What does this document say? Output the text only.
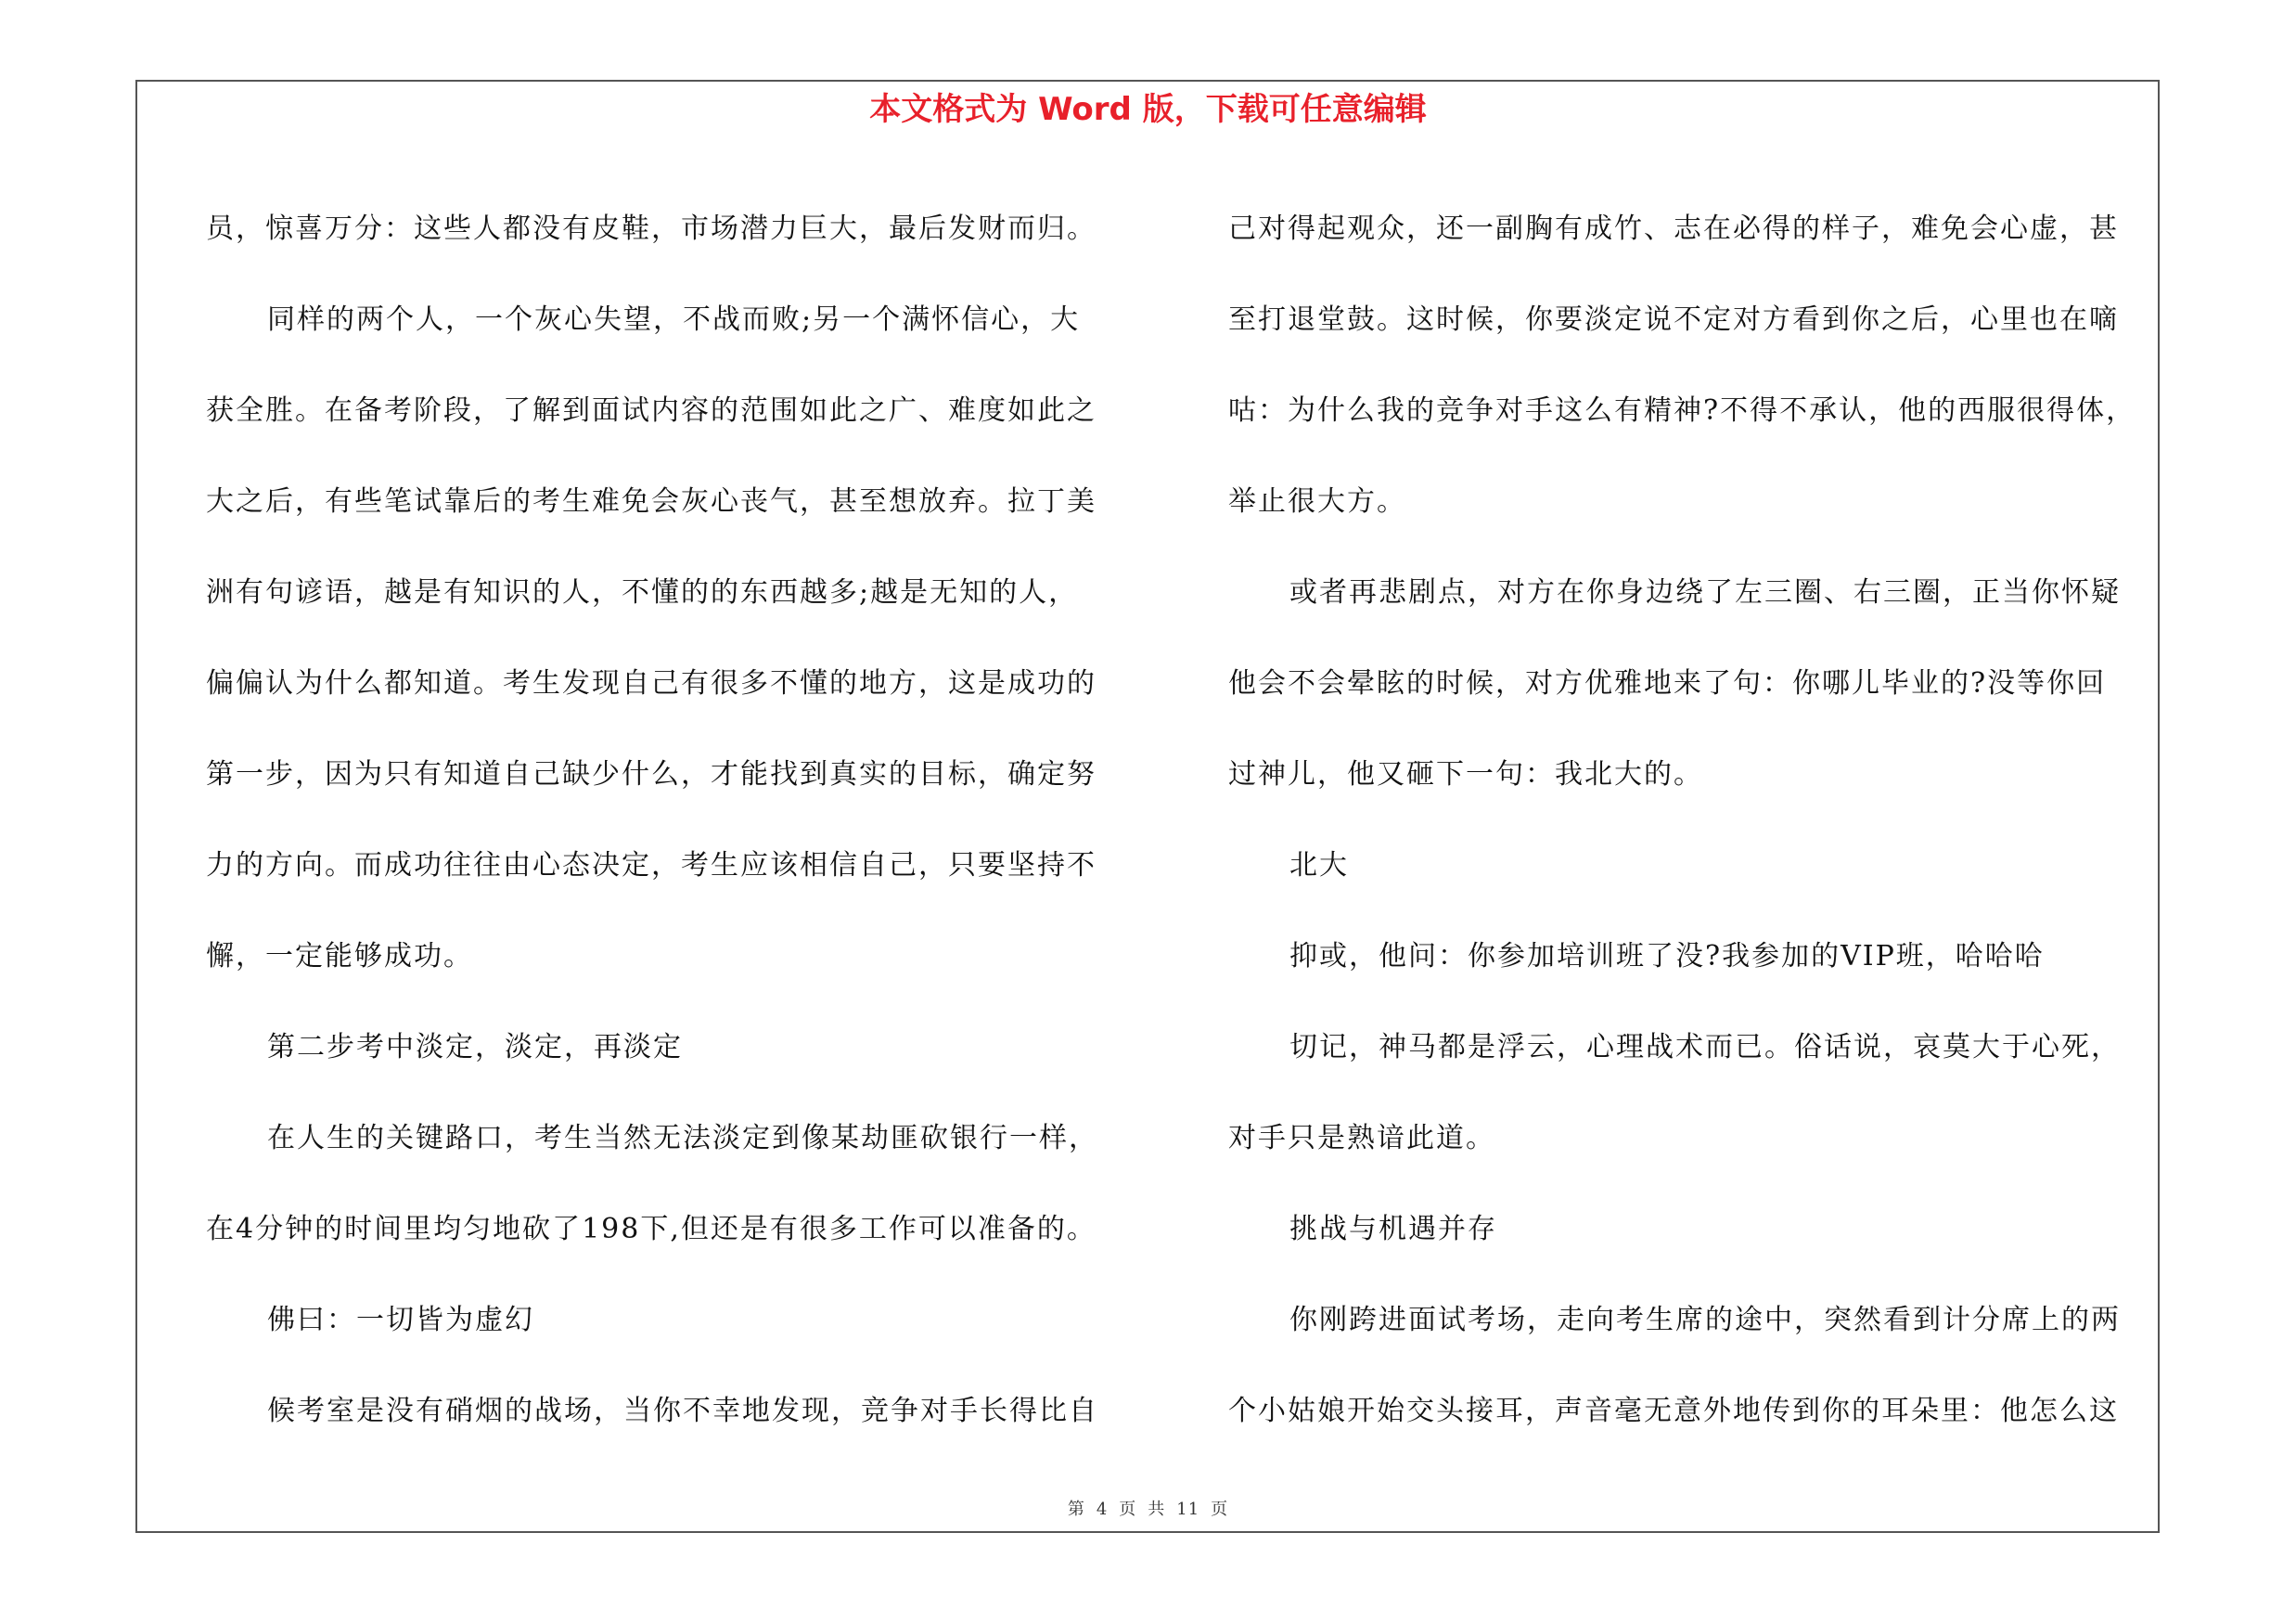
本文格式为 Word 版，下载可任意编辑
员，惊喜万分：这些人都没有皮鞋，市场潜力巨大，最后发财而归。
同样的两个人，一个灰心失望，不战而败;另一个满怀信心，大
获全胜。在备考阶段，了解到面试内容的范围如此之广、难度如此之
大之后，有些笔试靠后的考生难免会灰心丧气，甚至想放弃。拉丁美
洲有句谚语，越是有知识的人，不懂的的东西越多;越是无知的人，
偏偏认为什么都知道。考生发现自己有很多不懂的地方，这是成功的
第一步，因为只有知道自己缺少什么，才能找到真实的目标，确定努
力的方向。而成功往往由心态决定，考生应该相信自己，只要坚持不
懈，一定能够成功。
第二步考中淡定，淡定，再淡定
在人生的关键路口，考生当然无法淡定到像某劫匪砍银行一样，
在4分钟的时间里均匀地砍了198下,但还是有很多工作可以准备的。
佛曰：一切皆为虚幻
候考室是没有硝烟的战场，当你不幸地发现，竞争对手长得比自
己对得起观众，还一副胸有成竹、志在必得的样子，难免会心虚，甚
至打退堂鼓。这时候，你要淡定说不定对方看到你之后，心里也在嘀
咕：为什么我的竞争对手这么有精神?不得不承认，他的西服很得体，
举止很大方。
或者再悲剧点，对方在你身边绕了左三圈、右三圈，正当你怀疑
他会不会晕眩的时候，对方优雅地来了句：你哪儿毕业的?没等你回
过神儿，他又砸下一句：我北大的。
北大
抑或，他问：你参加培训班了没?我参加的VIP班，哈哈哈
切记，神马都是浮云，心理战术而已。俗话说，哀莫大于心死，
对手只是熟谙此道。
挑战与机遇并存
你刚跨进面试考场，走向考生席的途中，突然看到计分席上的两
个小姑娘开始交头接耳，声音毫无意外地传到你的耳朵里：他怎么这
第 4 页 共 11 页
